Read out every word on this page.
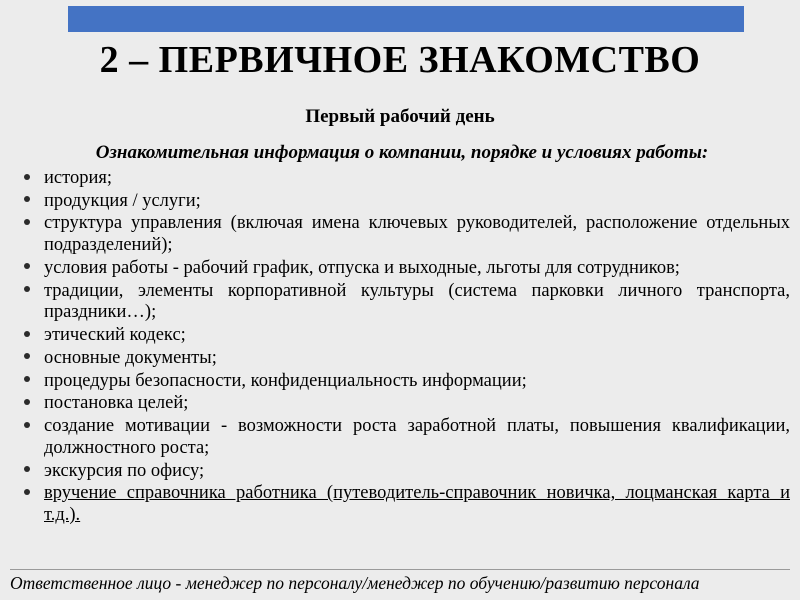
2 – ПЕРВИЧНОЕ ЗНАКОМСТВО
Первый рабочий день
Ознакомительная информация о компании, порядке и условиях работы:
история;
продукция / услуги;
структура управления (включая имена ключевых руководителей, расположение отдельных подразделений);
условия работы - рабочий график, отпуска и выходные, льготы для сотрудников;
традиции, элементы корпоративной культуры (система парковки личного транспорта, праздники…);
этический кодекс;
основные документы;
процедуры безопасности, конфиденциальность информации;
постановка целей;
создание мотивации - возможности роста заработной платы, повышения квалификации, должностного роста;
экскурсия по офису;
вручение справочника работника (путеводитель-справочник новичка, лоцманская карта и т.д.).
Ответственное лицо - менеджер по персоналу/менеджер по обучению/развитию персонала
